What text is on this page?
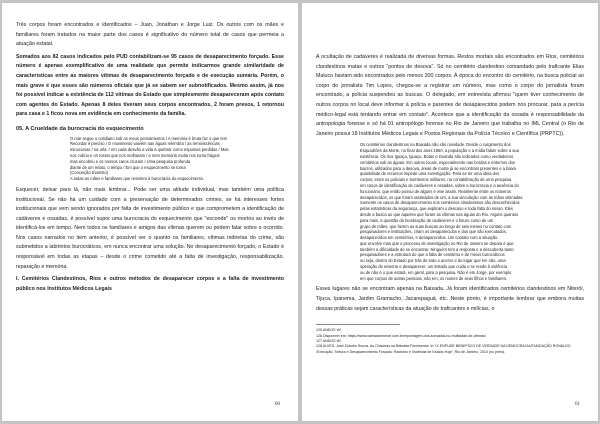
Três corpos foram encontrados e identificados – Juan, Jonathan e Jorge Luiz. Os outros com os mães e familiares foram tratados na maior parte dos casos é significativo do número total de casos que permeia a atuação estatal.

Somados aos 82 casos indicados pelo PUD contabilizam-se 95 casos de desaparecimento forçado. Esse número é apenas exemplificativo de uma realidade que permite indicarmos grande similaridade de características entre as maiores vítimas de desaparecimento forçado e de execução sumária. Porém, o mais grave é que esses são números oficiais que já se sabem ser subnotificados. Mesmo assim, já nos foi possível indicar a existência de 112 vítimas do Estado que simplesmente desapareceram após contato com agentes do Estado. Apenas 8 deles tiveram seus corpos encontrados, 2 foram presos, 1 retornou para casa e 1 ficou nova em evidência em conhecimento da família.

05. A Crueldade da burocracia do esquecimento
O mar segue o cotidiano sob os meus pensamentos / A memória é bruta faz o que tem
Recordar é preciso / O movimento vaivém nas águas relembra / as reminiscências
minuciosas / na orla: / em cada desvão a vida a quebrar como espumas perdidas / Mas
nos cobriu e os rostos que nos molharam / e nem memória muita nos torna frágeis
mas encobriu e os nossos caros cruzam / Uma pesquisa profunda
diante de um relato, o tempo / Em que o esquecimento se torna
(Conceição Evaristo)
A todas as mães e familiares que resistem à burocracia do esquecimento.

Esquecer, deixar para lá, não mais lembrar... Pode ser uma atitude individual, mas também uma política institucional. Se não há um cuidado com a preservação de determinados crimes, se há interesses fortes institucionais que vem sendo ignorados por falta de investimento público e que comprometem a identificação de cadáveres e ossadas, é possível supor uma burocracia do esquecimento que "esconde" os mortos ao invés de identificá-los em tempo. Nem todos os familiares e amigos das vítimas querem ou podem falar sobre o ocorrido. Nos casos narrados no item anterior, é possível ver o quanto os familiares, vítimas indiretas do crime, são submetidos a labirintos burocráticos, em nunca encontrar uma solução. No desaparecimento forçado, o Estado é responsável em todas as etapas – desde o crime cometido até a falta de investigação, responsabilização, reparação e memória.

I. Cemitérios Clandestinos, Rios e outros métodos de desaparecer corpos e a falta de investimento público nos Institutos Médicos Legais

60

A ocultação de cadáveres é realizada de diversas formas. Restos mortais são encontrados em Rios, cemitérios clandestinos matas e outros "pontos de desova". Só no cemitério clandestino comandado pelo traficante Elias Maluco haviam sido encontrados pelo menos 200 corpos. À época do encontro do cemitério, na busca policial ao corpo do jornalista Tim Lopes, chegou-se a registrar um número, mas como o corpo do jornalista foram encontrado, a polícia suspendeu as buscas. O delegado, em entrevista afirmou "quem tiver conhecimento de outros corpos no local deve informar à polícia e parentes de desaparecidos podem nos procurar, para a perícia médico-legal está tentando entrar em contato". Acontece que a identificação da ossada é responsabilidade da antropologia forense e só há 01 antropólogo forense no Rio de Janeiro que trabalha no IML Central (o Rio de Janeiro possui 18 Institutos Médicos Legais e Postos Regionais da Polícia Técnico e Científica (PRPTC)).

Os cemitérios clandestinos na Baixada não são novidade. Desde o surgimento dos
Esquadrões da Morte, no final dos anos 1960, a população e a mídia falam sobre a sua
existência. Os rios Iguaçu, Iguaçu, Botas e Guandu são indicados como verdadeiros
cemitérios sob as águas. Em outros locais, especialmente nas bordas e entornos dos
bairros, utilizados para a desova, áreas de morte já se encontram presentes e a baixa
quantidade de recursos impede uma investigação. Para se ter uma ideia dos
corpos, eram os policiais e bombeiros militares, na contabilização de uma pesquisa
em casos de identificação de cadáveres e ossadas, sobre a burocracia e a ausência do
funcionário, que então possui de alguns e vive assim. Realmente entre os números
desaparecidos, os que foram rastreados de um, a sua vinculação com as mãos vitimadas.
Somente os casos de desaparecimento nos cemitérios clandestinos são desconhecidos
pelas estatísticas da segurança, que explicam o descaso e toda falta do nosso. Eles
desde a busca ao que aqueles que foram as vítimas nas águas do Rio. Alguns quantos
para mais, a questão da localização de cadáveres e o futuro curso de um
grupo de mães, que fazem as suas buscas ao longo de seis meses no contato com
pesquisadores e instituições, criam os desaparecidos e dos que são executados,
desaparecidos em cemitérios, e desaparecidos. Um contato com a situação
que envolve mas que o processo de investigação no Rio de Janeiro se depara é que
também a dificuldade de se encontrar. Ninguém tem a resposta e a descoberta tanto
pesquisadores e a estrutura do que a falta de cemitério e de meios burocráticos
ou seja, dentro do Estado por trás de todo o acervo e do lugar que em não, uma
operação de enterrar e desaparecer, um Estado que cuida e se rende à violência
ou de não é o que estará, em geral, para a pesquisa. Não é em Jorge, por exemplo
em que corpos de outras pessoas, não em, os nomes de seus filhos e familiares.

Esses lugares não se encontram apenas na Baixada. Já foram identificados cemitérios clandestinos em Niterói, Tijuca, Ipanema, Jardim Gramacho, Jacarepaguá, etc. Neste ponto, é importante lembrar que embora muitas dessas práticas sejam características da atuação de traficantes e milícias, o

125 ANDOS W!

126 Disponível em: https://www.camaraneonoe.com.br/reportagem-dos-somados-no-multidade-de-vítimas/

127 ANDOS W!

128 ALVES, José Cláudio Souza. As Chacinas na Baixada Fluminense. in: IX ENPUDE BENEFÍCIO DE VERDADE NA DEMOCRACIA/FUNDAÇÃO RONALDO 'Execução, Tortura e Desaparecimento Forçado: Racismo e Violência de Estado Hoje', Rio de Janeiro, 2010 (no prelo).

61
